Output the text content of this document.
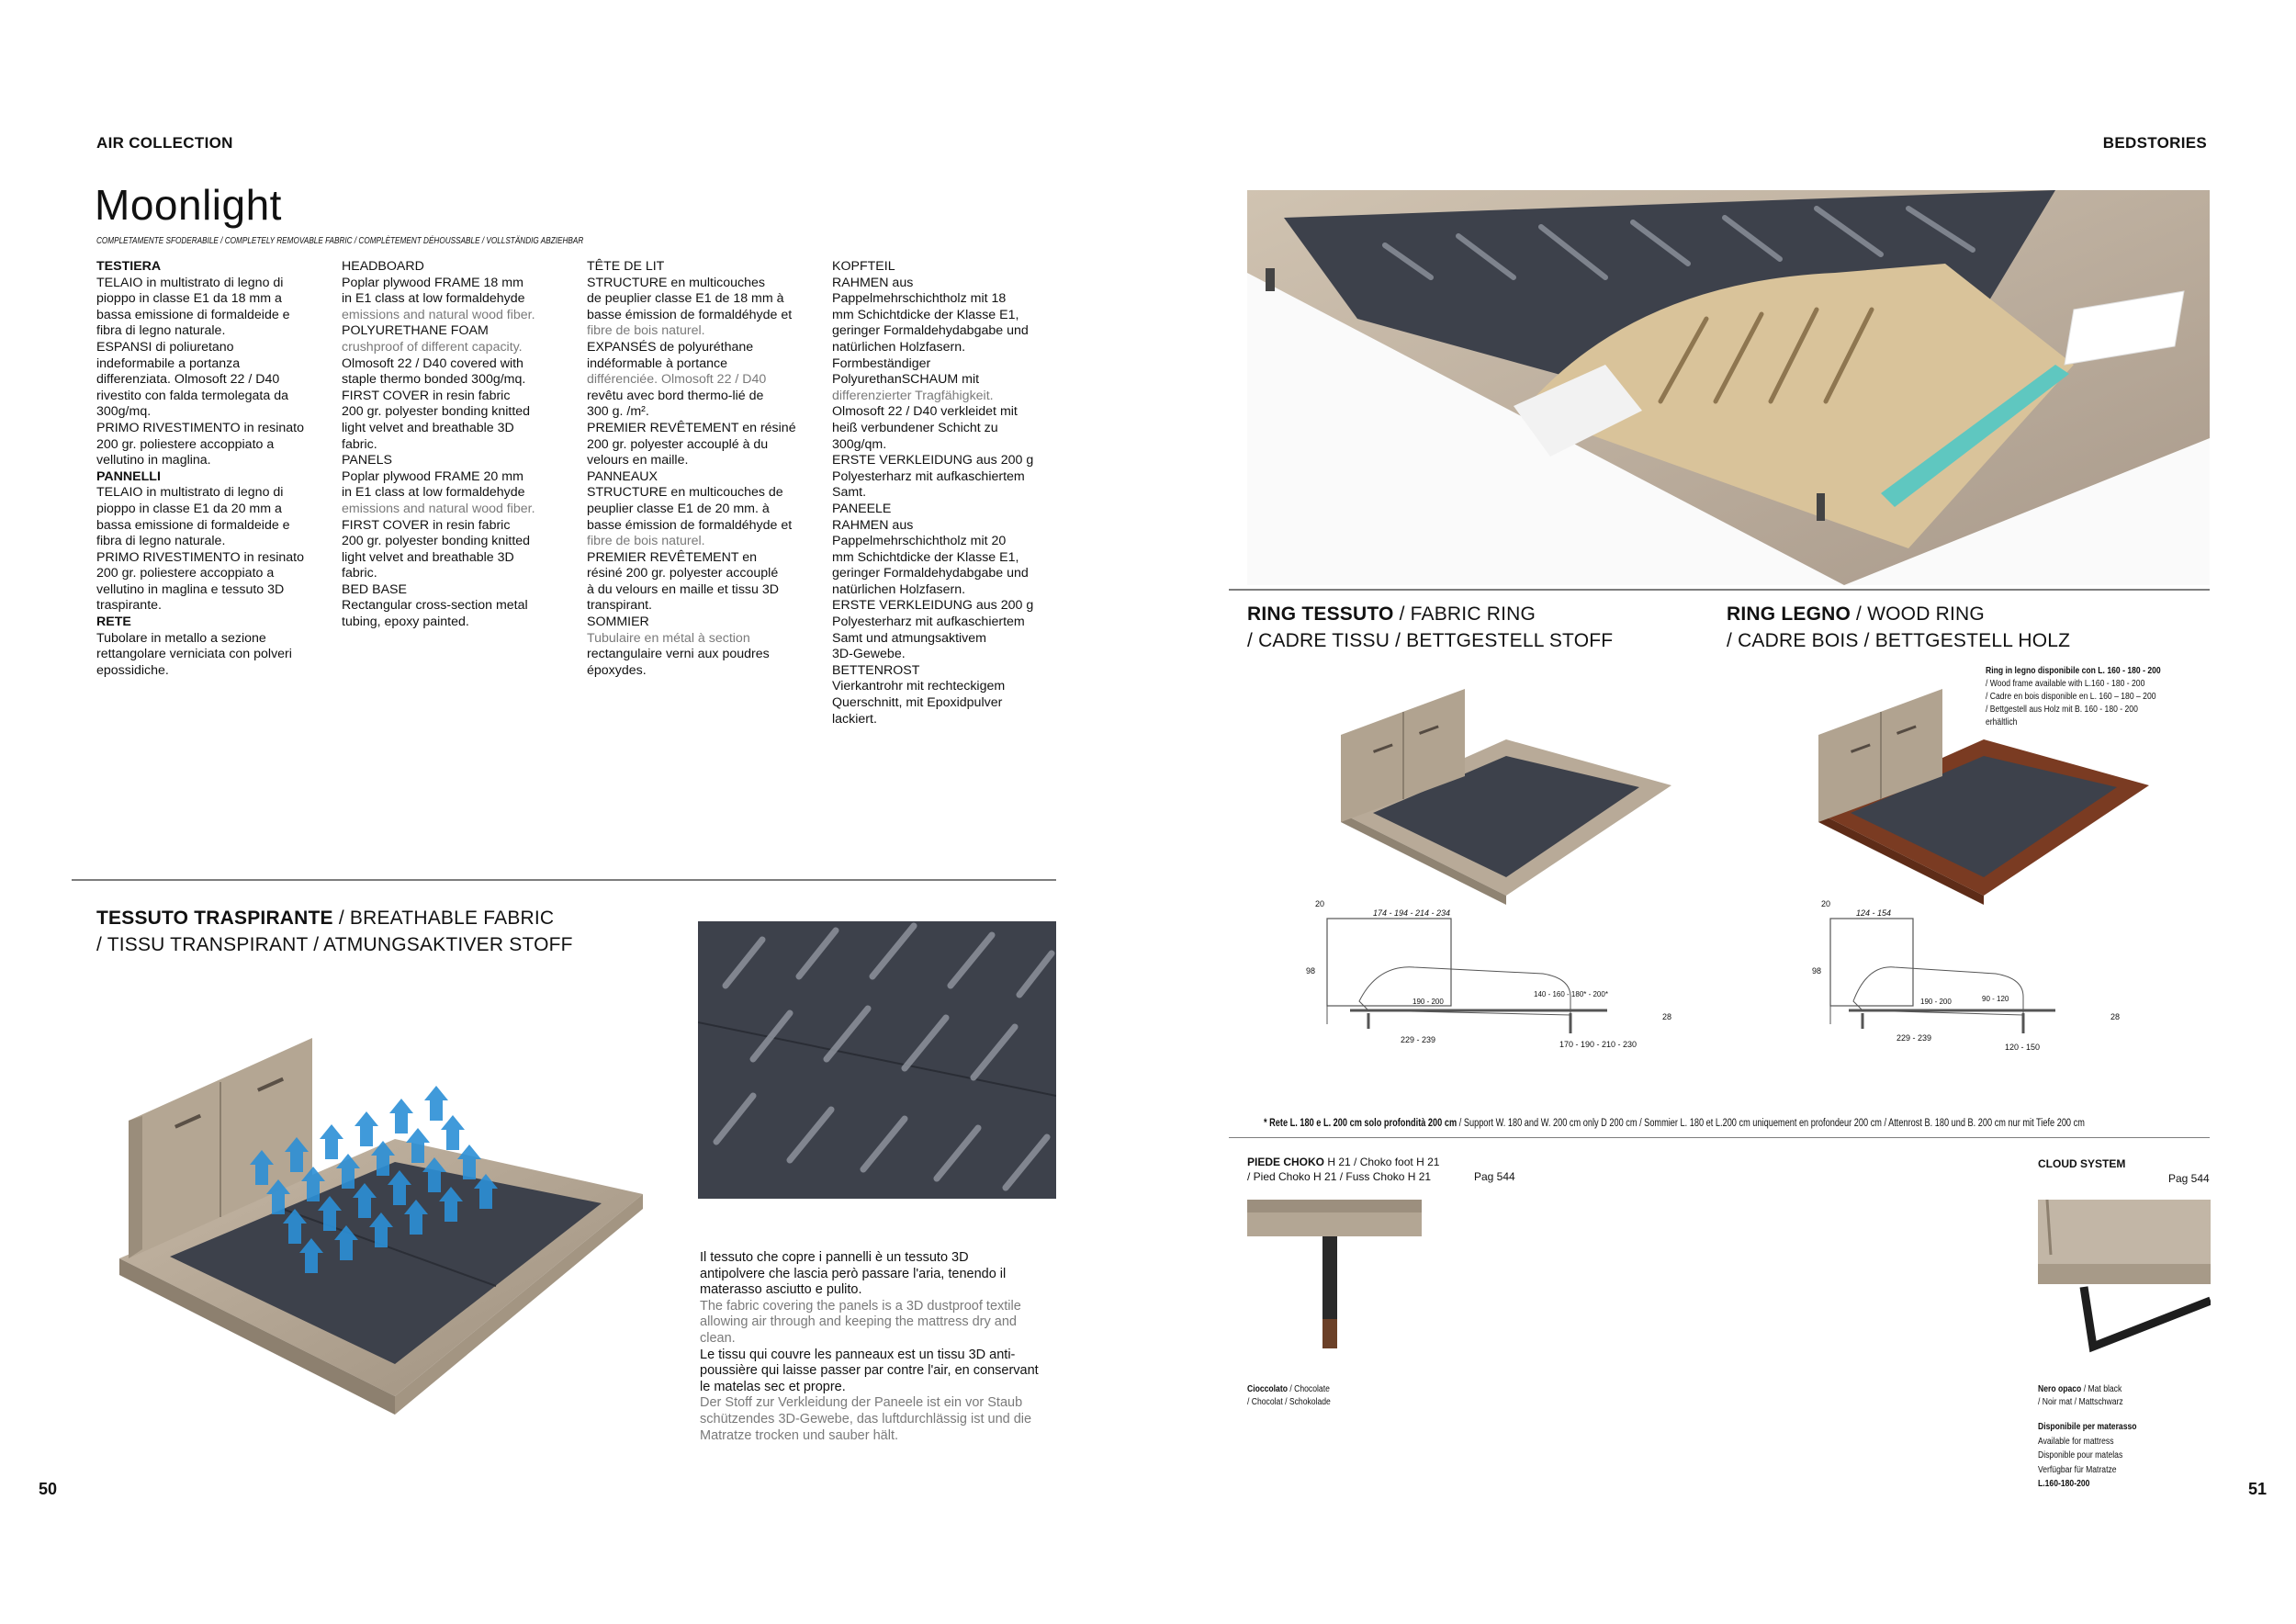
AIR COLLECTION	BEDSTORIES
Moonlight
COMPLETAMENTE SFODERABILE / COMPLETELY REMOVABLE FABRIC / COMPLÈTEMENT DÉHOUSSABLE / VOLLSTÄNDIG ABZIEHBAR
TESTIERA
TELAIO in multistrato di legno di
pioppo in classe E1 da 18 mm a
bassa emissione di formaldeide e
fibra di legno naturale.
ESPANSI di poliuretano
indeformabile a portanza
differenziata. Olmosoft 22 / D40
rivestito con falda termolegata da
300g/mq.
PRIMO RIVESTIMENTO in resinato
200 gr. poliestere accoppiato a
vellutino in maglina.
PANNELLI
TELAIO in multistrato di legno di
pioppo in classe E1 da 20 mm a
bassa emissione di formaldeide e
fibra di legno naturale.
PRIMO RIVESTIMENTO in resinato
200 gr. poliestere accoppiato a
vellutino in maglina e tessuto 3D
traspirante.
RETE
Tubolare in metallo a sezione
rettangolare verniciata con polveri
epossidiche.
HEADBOARD
Poplar plywood FRAME 18 mm
in E1 class at low formaldehyde
emissions and natural wood fiber.
POLYURETHANE FOAM
crushproof of different capacity.
Olmosoft 22 / D40 covered with
staple thermo bonded 300g/mq.
FIRST COVER in resin fabric
200 gr. polyester bonding knitted
light velvet and breathable 3D
fabric.
PANELS
Poplar plywood FRAME 20 mm
in E1 class at low formaldehyde
emissions and natural wood fiber.
FIRST COVER in resin fabric
200 gr. polyester bonding knitted
light velvet and breathable 3D
fabric.
BED BASE
Rectangular cross-section metal
tubing, epoxy painted.
TÊTE DE LIT
STRUCTURE en multicouches
de peuplier classe E1 de 18 mm à
basse émission de formaldéhyde et
fibre de bois naturel.
EXPANSÉS de polyuréthane
indéformable à portance
différenciée. Olmosoft 22 / D40
revêtu avec bord thermo-lié de
300 g. /m².
PREMIER REVÊTEMENT en résiné
200 gr. polyester accouplé à du
velours en maille.
PANNEAUX
STRUCTURE en multicouches de
peuplier classe E1 de 20 mm. à
basse émission de formaldéhyde et
fibre de bois naturel.
PREMIER REVÊTEMENT en
résiné 200 gr. polyester accouplé
à du velours en maille et tissu 3D
transpirant.
SOMMIER
Tubulaire en métal à section
rectangulaire verni aux poudres
époxydes.
KOPFTEIL
RAHMEN aus
Pappelmehrschichtholz mit 18
mm Schichtdicke der Klasse E1,
geringer Formaldehydabgabe und
natürlichen Holzfasern.
Formbeständiger
PolyurethanSCHAUM mit
differenzierter Tragfähigkeit.
Olmosoft 22 / D40 verkleidet mit
heiß verbundener Schicht zu
300g/qm.
ERSTE VERKLEIDUNG aus 200 g
Polyesterharz mit aufkaschiertem
Samt.
PANEELE
RAHMEN aus
Pappelmehrschichtholz mit 20
mm Schichtdicke der Klasse E1,
geringer Formaldehydabgabe und
natürlichen Holzfasern.
ERSTE VERKLEIDUNG aus 200 g
Polyesterharz mit aufkaschiertem
Samt und atmungsaktivem
3D-Gewebe.
BETTENROST
Vierkantrohr mit rechteckigem
Querschnitt, mit Epoxidpulver
lackiert.
TESSUTO TRASPIRANTE / BREATHABLE FABRIC
/ TISSU TRANSPIRANT / ATMUNGSAKTIVER STOFF
Il tessuto che copre i pannelli è un tessuto 3D
antipolvere che lascia però passare l'aria, tenendo il
materasso asciutto e pulito.
The fabric covering the panels is a 3D dustproof textile
allowing air through and keeping the mattress dry and
clean.
Le tissu qui couvre les panneaux est un tissu 3D anti-
poussière qui laisse passer par contre l'air, en conservant
le matelas sec et propre.
Der Stoff zur Verkleidung der Paneele ist ein vor Staub
schützendes 3D-Gewebe, das luftdurchlässig ist und die
Matratze trocken und sauber hält.
50	51
RING TESSUTO / FABRIC RING
/ CADRE TISSU / BETTGESTELL STOFF
RING LEGNO / WOOD RING
/ CADRE BOIS / BETTGESTELL HOLZ
Ring in legno disponibile con L. 160 - 180 - 200
/ Wood frame available with L.160 - 180 - 200
/ Cadre en bois disponible en L. 160 – 180 – 200
/ Bettgestell aus Holz mit B. 160 - 180 - 200
erhältlich
20
174 - 194 - 214 - 234
98
190 - 200
140 - 160 - 180* - 200*
28
229 - 239	170 - 190 - 210 - 230
20
124 - 154
98
190 - 200	90 - 120
28
229 - 239
120 - 150
* Rete L. 180 e L. 200 cm solo profondità 200 cm / Support W. 180 and W. 200 cm only D 200 cm / Sommier L. 180 et L.200 cm uniquement en profondeur 200 cm / Attenrost B. 180 und B. 200 cm nur mit Tiefe 200 cm
PIEDE CHOKO H 21 / Choko foot H 21
/ Pied Choko H 21 / Fuss Choko H 21	Pag 544
Cioccolato / Chocolate
/ Chocolat / Schokolade
CLOUD SYSTEM
Pag 544
Nero opaco / Mat black
/ Noir mat / Mattschwarz
Disponibile per materasso
Available for mattress
Disponible pour matelas
Verfügbar für Matratze
L.160-180-200
